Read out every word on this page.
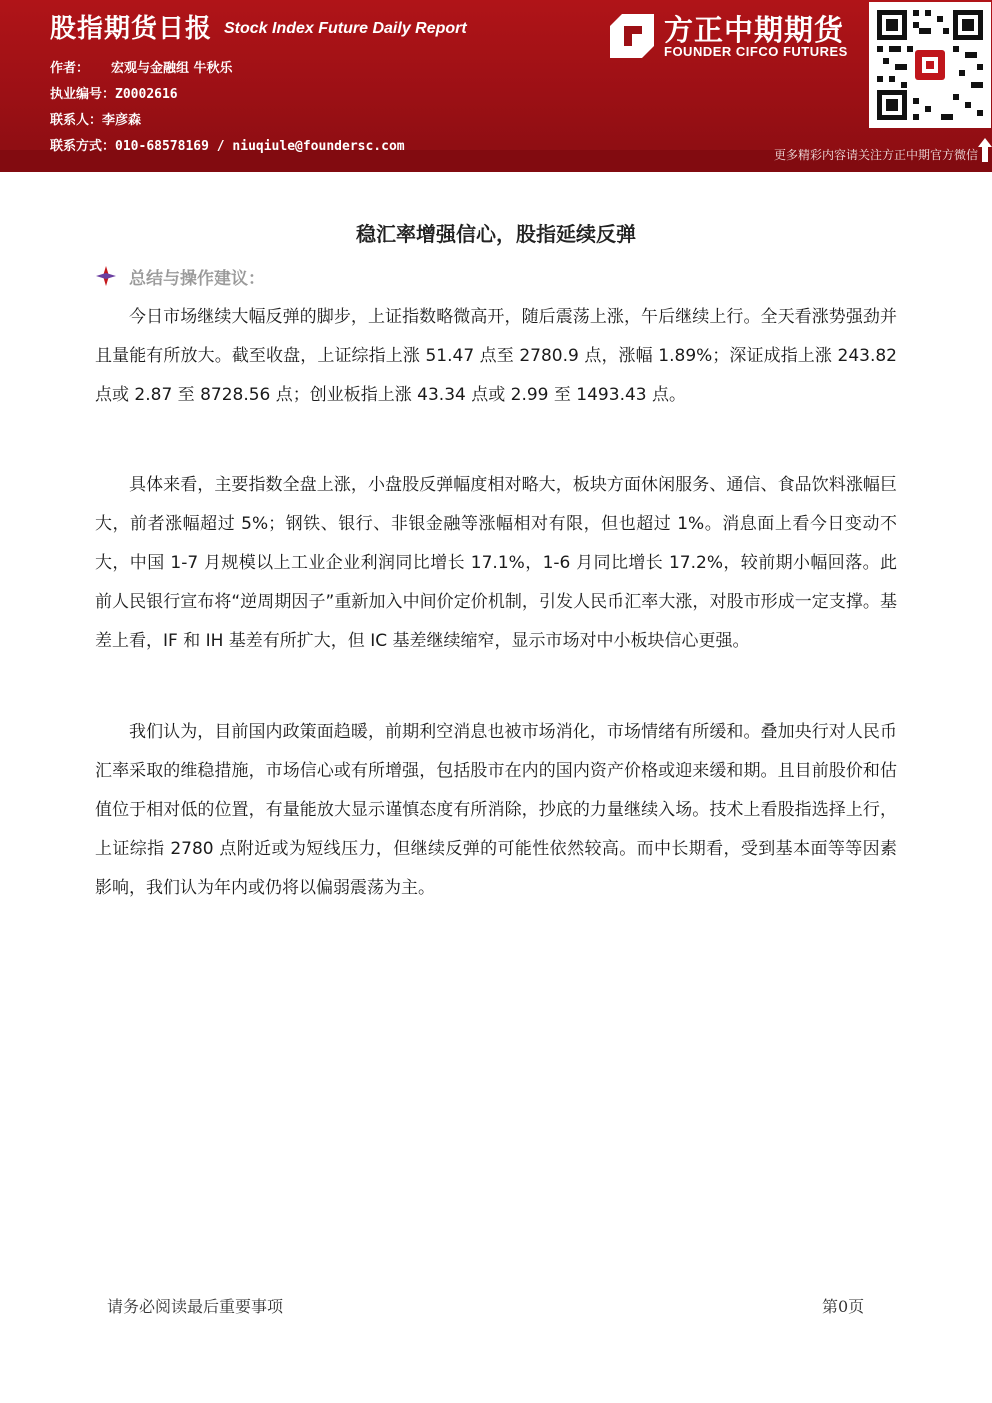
股指期货日报 Stock Index Future Daily Report
作者： 宏观与金融组 牛秋乐
执业编号：Z0002616
联系人：李彦森
联系方式：010-68578169 / niuqiule@foundersc.com
方正中期期货
FOUNDER CIFCO FUTURES
更多精彩内容请关注方正中期官方微信
稳汇率增强信心，股指延续反弹
总结与操作建议：

今日市场继续大幅反弹的脚步，上证指数略微高开，随后震荡上涨，午后继续上行。全天看涨势强劲并且量能有所放大。截至收盘，上证综指上涨 51.47 点至 2780.9 点，涨幅 1.89%；深证成指上涨 243.82 点或 2.87 至 8728.56 点；创业板指上涨 43.34 点或 2.99 至 1493.43 点。

具体来看，主要指数全盘上涨，小盘股反弹幅度相对略大，板块方面休闲服务、通信、食品饮料涨幅巨大，前者涨幅超过 5%；钢铁、银行、非银金融等涨幅相对有限，但也超过 1%。消息面上看今日变动不大，中国 1-7 月规模以上工业企业利润同比增长 17.1%，1-6 月同比增长 17.2%，较前期小幅回落。此前人民银行宣布将“逆周期因子”重新加入中间价定价机制，引发人民币汇率大涨，对股市形成一定支撑。基差上看，IF 和 IH 基差有所扩大，但 IC 基差继续缩窄，显示市场对中小板块信心更强。

我们认为，目前国内政策面趋暖，前期利空消息也被市场消化，市场情绪有所缓和。叠加央行对人民币汇率采取的维稳措施，市场信心或有所增强，包括股市在内的国内资产价格或迎来缓和期。且目前股价和估值位于相对低的位置，有量能放大显示谨慎态度有所消除，抄底的力量继续入场。技术上看股指选择上行，上证综指 2780 点附近或为短线压力，但继续反弹的可能性依然较高。而中长期看，受到基本面等等因素影响，我们认为年内或仍将以偏弱震荡为主。

请务必阅读最后重要事项	第0页
